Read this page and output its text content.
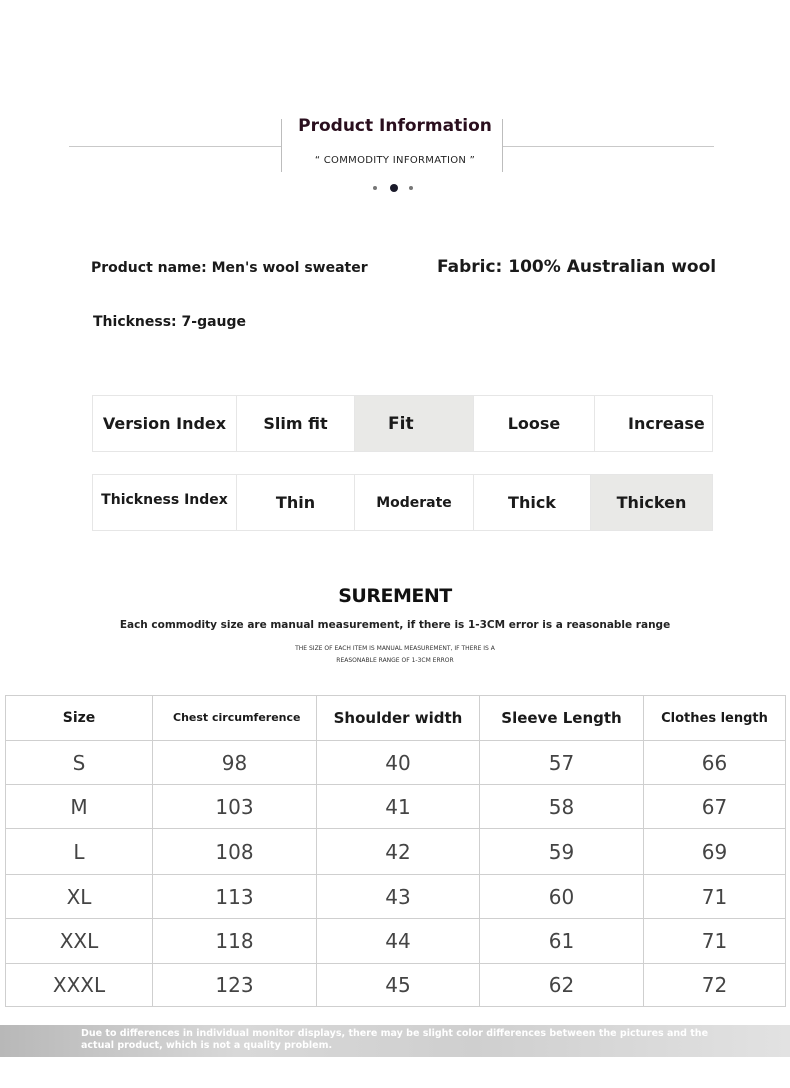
Product Information
“ COMMODITY INFORMATION ”
Product name: Men's wool sweater	Fabric: 100% Australian wool
Thickness: 7-gauge
Version Index	Slim fit	Fit	Loose	Increase
Thickness Index	Thin	Moderate	Thick	Thicken
SUREMENT
Each commodity size are manual measurement, if there is 1-3CM error is a reasonable range
THE SIZE OF EACH ITEM IS MANUAL MEASUREMENT, IF THERE IS A
REASONABLE RANGE OF 1-3CM ERROR
Size	Chest circumference	Shoulder width	Sleeve Length	Clothes length
S	98	40	57	66
M	103	41	58	67
L	108	42	59	69
XL	113	43	60	71
XXL	118	44	61	71
XXXL	123	45	62	72
Due to differences in individual monitor displays, there may be slight color differences between the pictures and the actual product, which is not a quality problem.
